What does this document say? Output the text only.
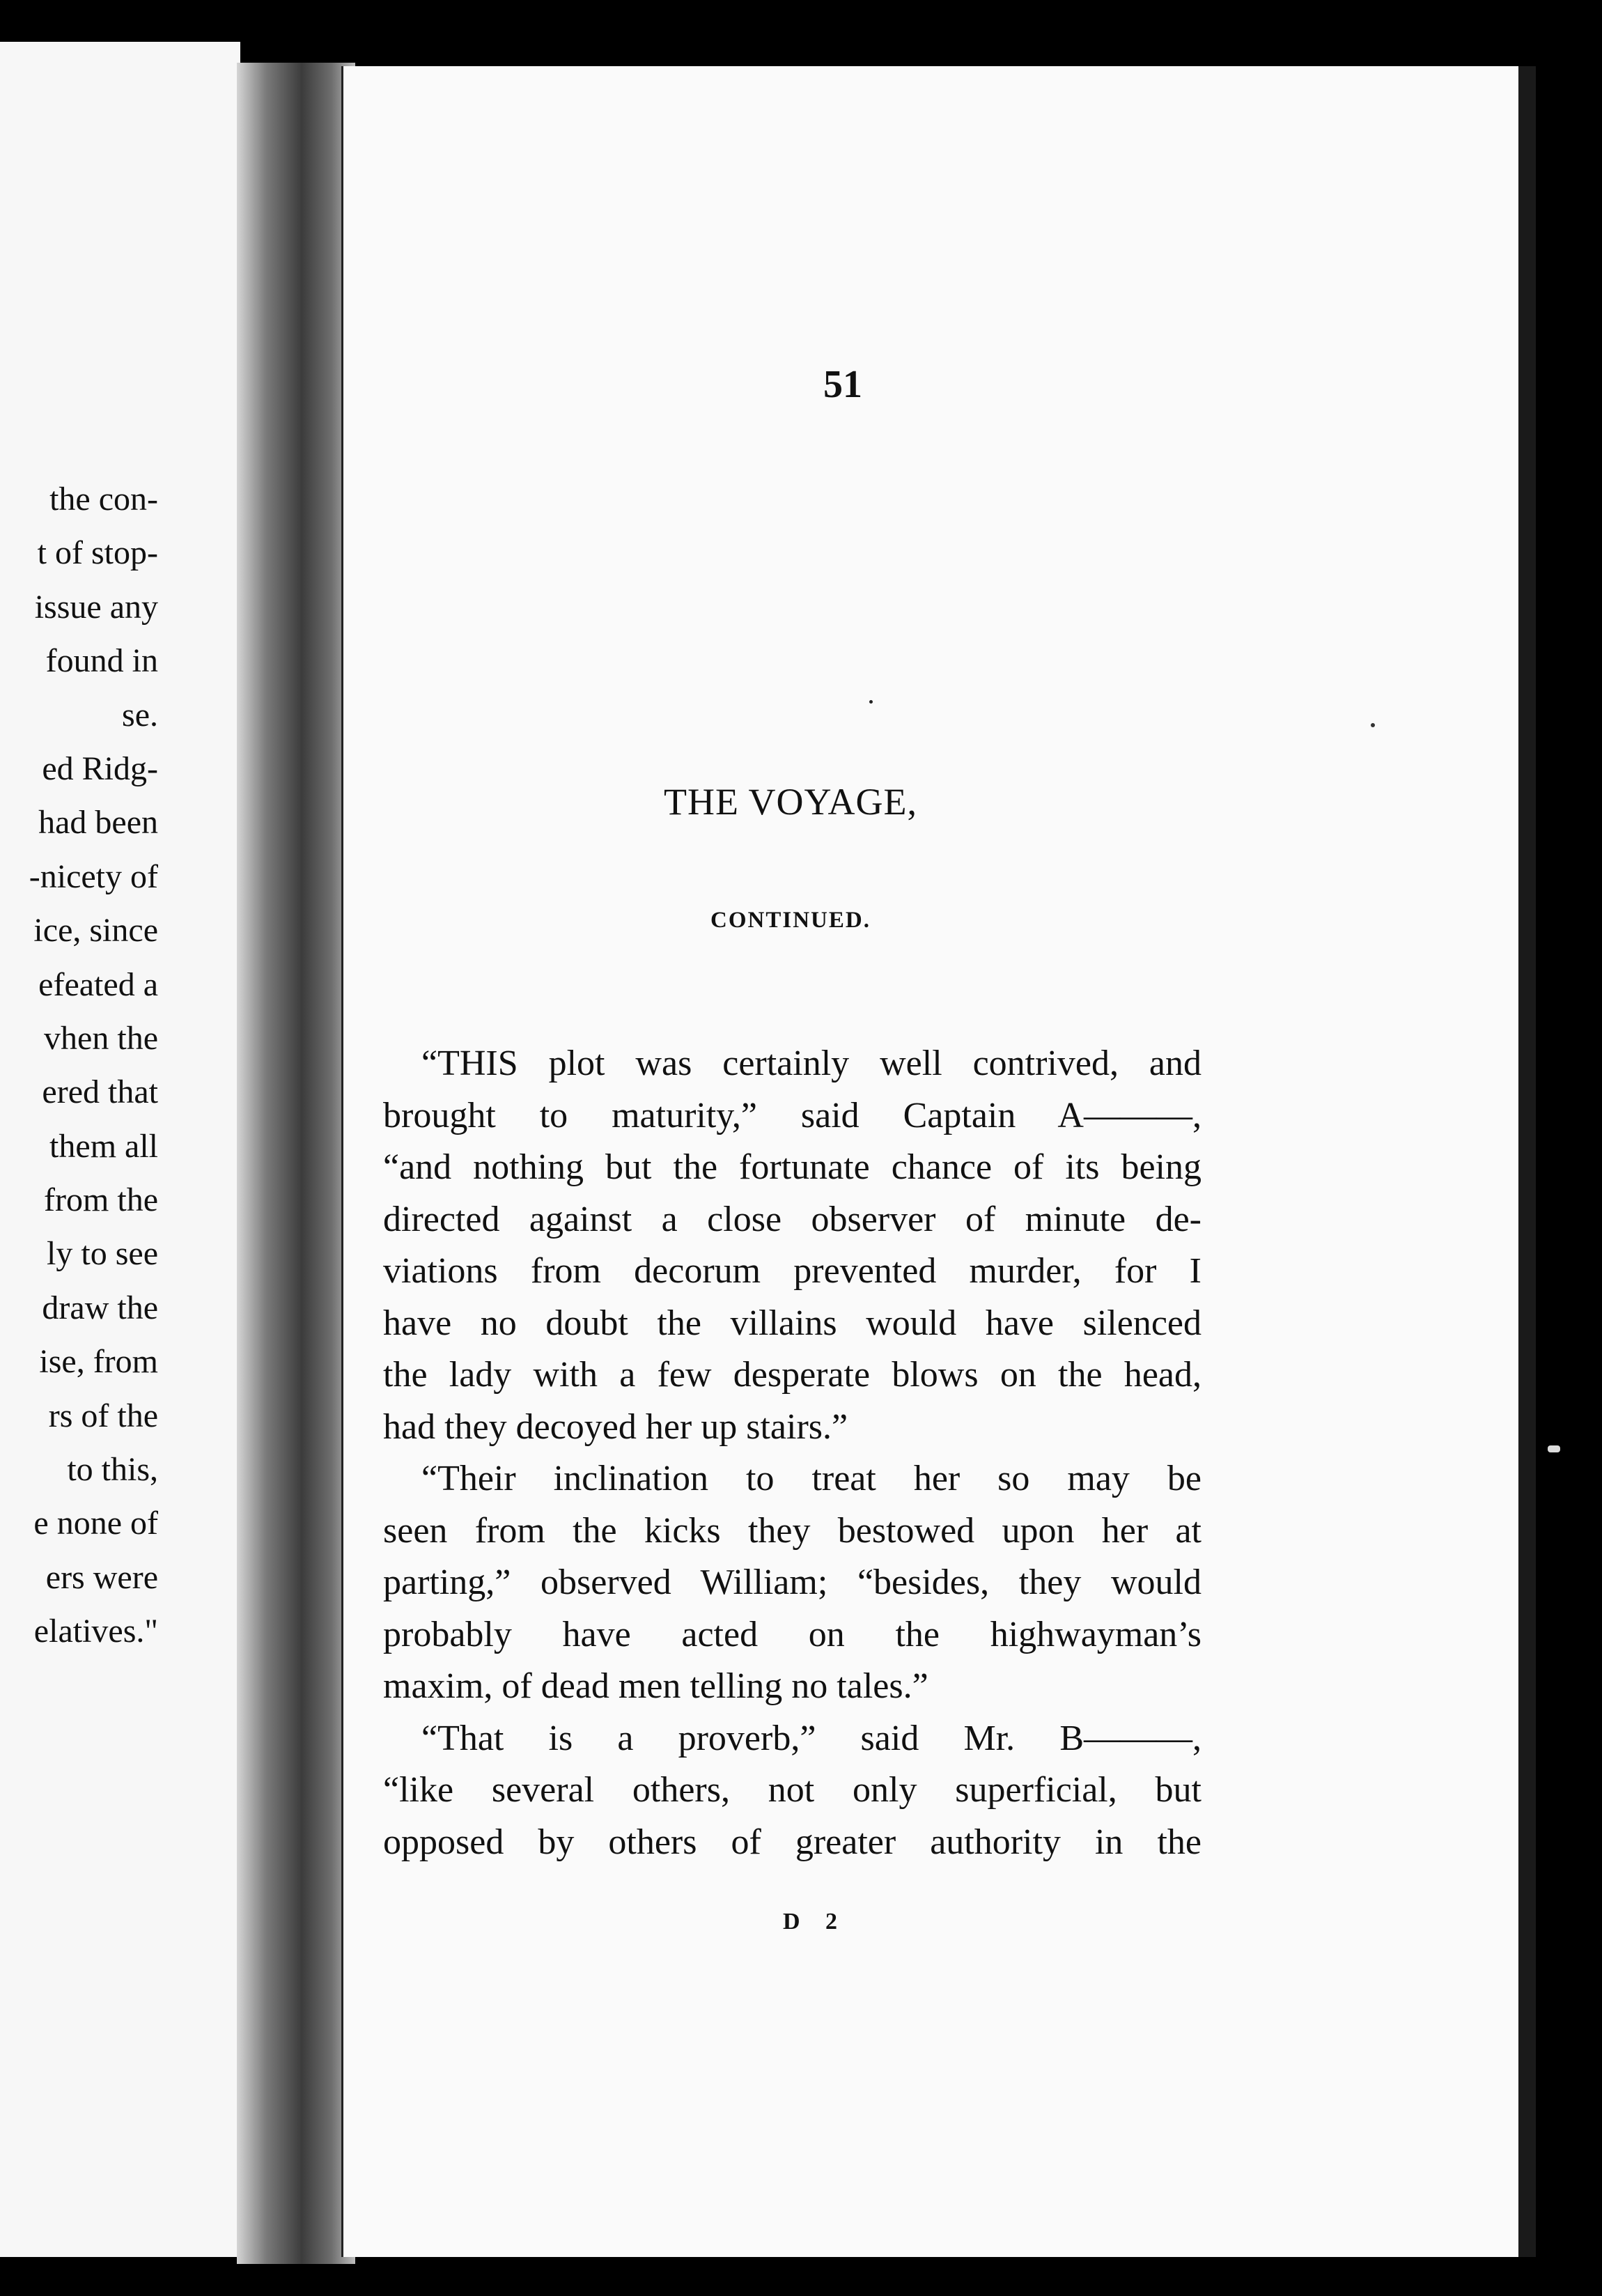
the con-
t of stop-
issue any
found in
se.
ed Ridg-
had been
-nicety of
ice, since
efeated a
vhen the
ered that
them all
from the
ly to see
draw the
ise, from
rs of the
to this,
e none of
ers were
elatives."
51
THE VOYAGE,
CONTINUED.
“THIS plot was certainly well contrived, and
brought to maturity,” said Captain A———,
“and nothing but the fortunate chance of its being
directed against a close observer of minute de-
viations from decorum prevented murder, for I
have no doubt the villains would have silenced
the lady with a few desperate blows on the head,
had they decoyed her up stairs.”
“Their inclination to treat her so may be
seen from the kicks they bestowed upon her at
parting,” observed William; “besides, they would
probably have acted on the highwayman’s
maxim, of dead men telling no tales.”
“That is a proverb,” said Mr. B———,
“like several others, not only superficial, but
opposed by others of greater authority in the
D 2
